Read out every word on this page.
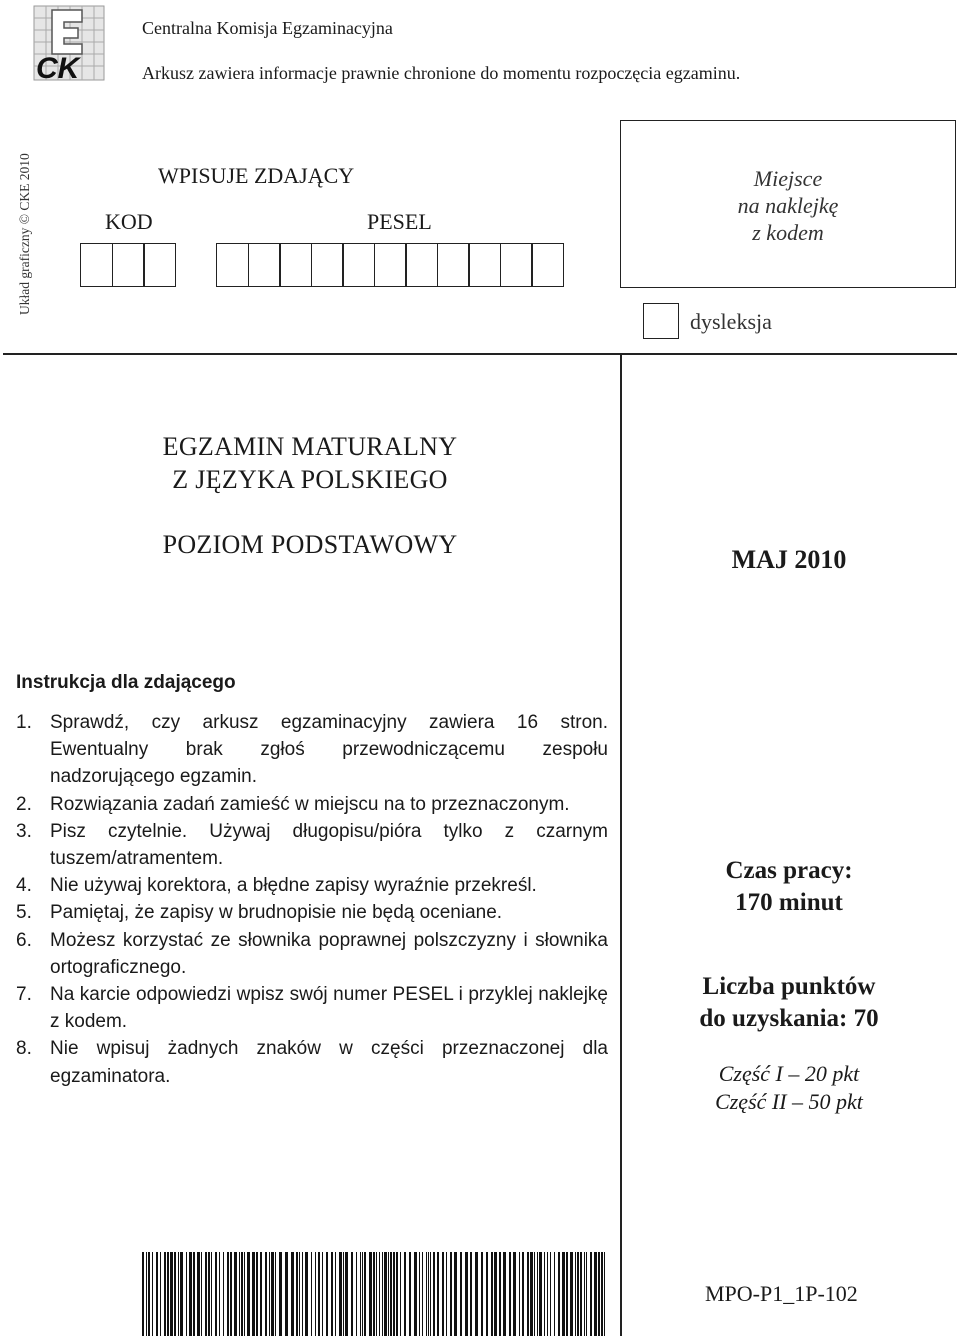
CK
Centralna Komisja Egzaminacyjna
Arkusz zawiera informacje prawnie chronione do momentu rozpoczęcia egzaminu.
Układ graficzny © CKE 2010	WPISUJE ZDAJĄCY
KOD	PESEL
Miejsce
na naklejkę
z kodem
dysleksja
EGZAMIN MATURALNY
Z JĘZYKA POLSKIEGO
POZIOM PODSTAWOWY
MAJ 2010
Instrukcja dla zdającego
1. Sprawdź, czy arkusz egzaminacyjny zawiera 16 stron. Ewentualny brak zgłoś przewodniczącemu zespołu nadzorującego egzamin.
2. Rozwiązania zadań zamieść w miejscu na to przeznaczonym.
3. Pisz czytelnie. Używaj długopisu/pióra tylko z czarnym tuszem/atramentem.
4. Nie używaj korektora, a błędne zapisy wyraźnie przekreśl.
5. Pamiętaj, że zapisy w brudnopisie nie będą oceniane.
6. Możesz korzystać ze słownika poprawnej polszczyzny i słownika ortograficznego.
7. Na karcie odpowiedzi wpisz swój numer PESEL i przyklej naklejkę z kodem.
8. Nie wpisuj żadnych znaków w części przeznaczonej dla egzaminatora.
Czas pracy:
170 minut
Liczba punktów
do uzyskania: 70
Część I – 20 pkt
Część II – 50 pkt
MPO-P1_1P-102
